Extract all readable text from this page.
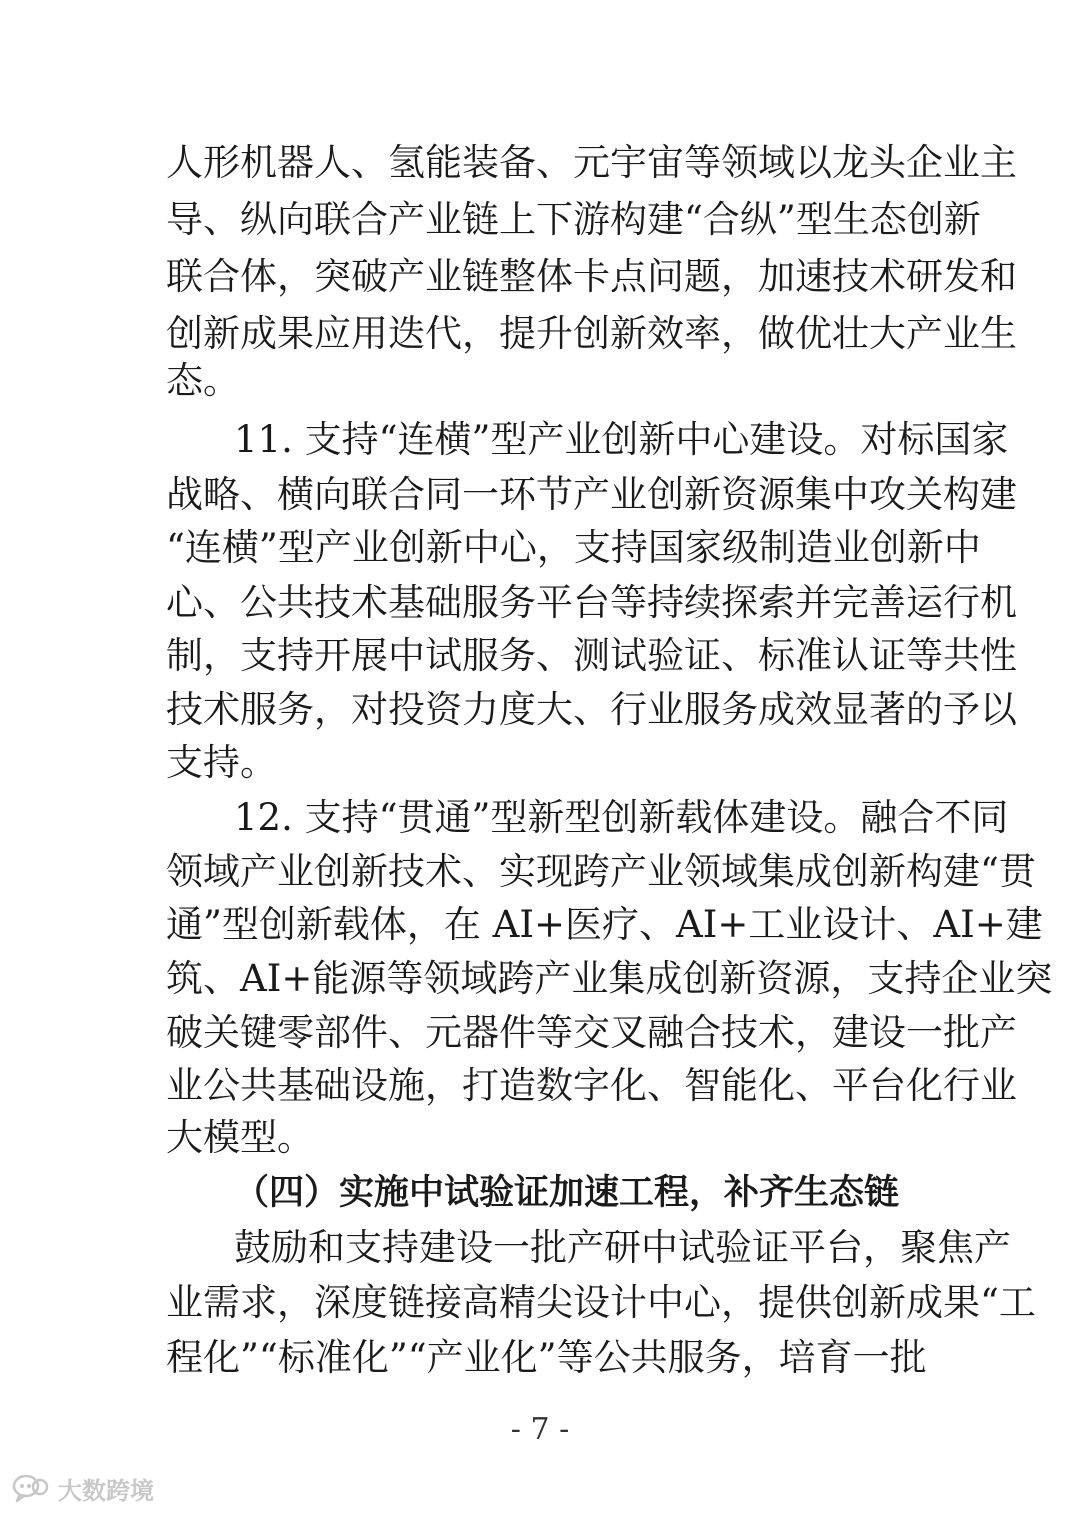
人形机器人、氢能装备、元宇宙等领域以龙头企业主
导、纵向联合产业链上下游构建“合纵”型生态创新
联合体，突破产业链整体卡点问题，加速技术研发和
创新成果应用迭代，提升创新效率，做优壮大产业生
态。
11. 支持“连横”型产业创新中心建设。对标国家
战略、横向联合同一环节产业创新资源集中攻关构建
“连横”型产业创新中心，支持国家级制造业创新中
心、公共技术基础服务平台等持续探索并完善运行机
制，支持开展中试服务、测试验证、标准认证等共性
技术服务，对投资力度大、行业服务成效显著的予以
支持。
12. 支持“贯通”型新型创新载体建设。融合不同
领域产业创新技术、实现跨产业领域集成创新构建“贯
通”型创新载体，在 AI+医疗、AI+工业设计、AI+建
筑、AI+能源等领域跨产业集成创新资源，支持企业突
破关键零部件、元器件等交叉融合技术，建设一批产
业公共基础设施，打造数字化、智能化、平台化行业
大模型。
（四）实施中试验证加速工程，补齐生态链
鼓励和支持建设一批产研中试验证平台，聚焦产
业需求，深度链接高精尖设计中心，提供创新成果“工
程化”“标准化”“产业化”等公共服务，培育一批
- 7 -
大数跨境
